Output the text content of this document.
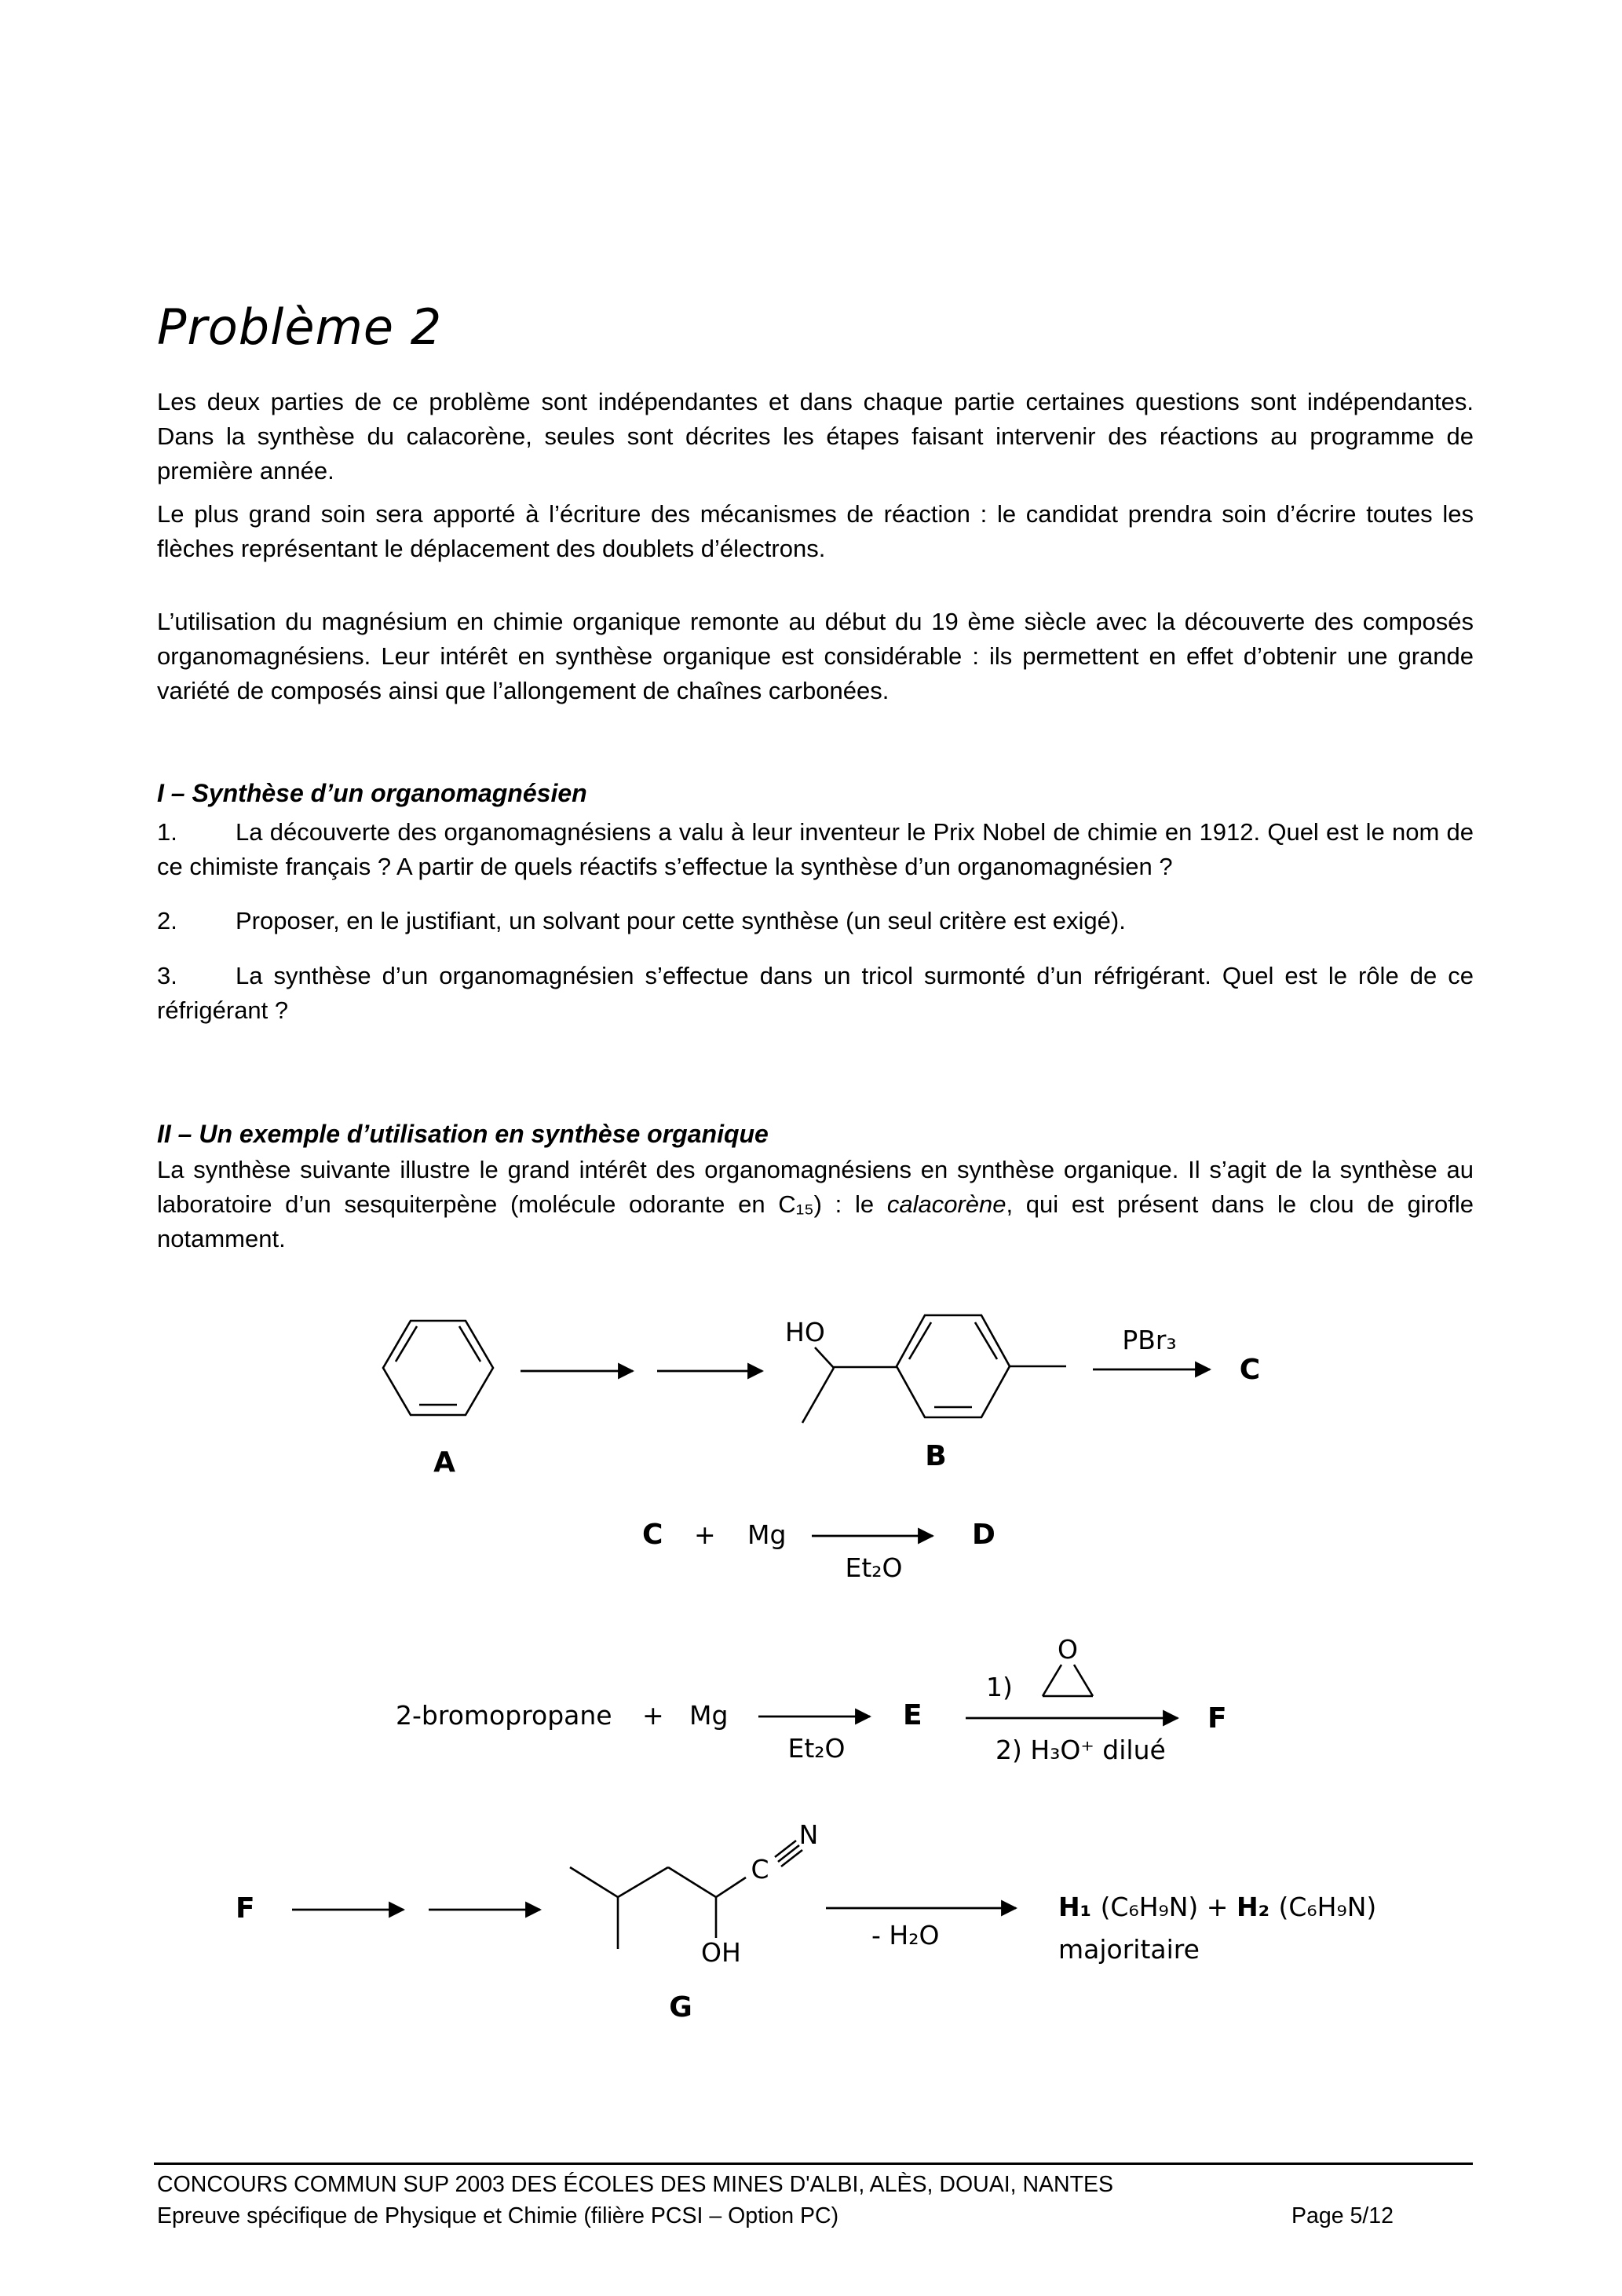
Problème 2

Les deux parties de ce problème sont indépendantes et dans chaque partie certaines questions sont indépendantes. Dans la synthèse du calacorène, seules sont décrites les étapes faisant intervenir des réactions au programme de première année.

Le plus grand soin sera apporté à l’écriture des mécanismes de réaction : le candidat prendra soin d’écrire toutes les flèches représentant le déplacement des doublets d’électrons.

L’utilisation du magnésium en chimie organique remonte au début du 19 ème siècle avec la découverte des composés organomagnésiens. Leur intérêt en synthèse organique est considérable : ils permettent en effet d’obtenir une grande variété de composés ainsi que l’allongement de chaînes carbonées.

I – Synthèse d’un organomagnésien

1. La découverte des organomagnésiens a valu à leur inventeur le Prix Nobel de chimie en 1912. Quel est le nom de ce chimiste français ? A partir de quels réactifs s’effectue la synthèse d’un organomagnésien ?

2. Proposer, en le justifiant, un solvant pour cette synthèse (un seul critère est exigé).

3. La synthèse d’un organomagnésien s’effectue dans un tricol surmonté d’un réfrigérant. Quel est le rôle de ce réfrigérant ?

II – Un exemple d’utilisation en synthèse organique

La synthèse suivante illustre le grand intérêt des organomagnésiens en synthèse organique. Il s’agit de la synthèse au laboratoire d’un sesquiterpène (molécule odorante en C₁₅) : le calacorène, qui est présent dans le clou de girofle notamment.

A
HO
B
PBr₃
C
C + Mg
Et₂O
D
2-bromopropane + Mg
Et₂O
E
1)
O
2) H₃O⁺ dilué
F
F
C
N
OH
G
- H₂O
H₁ (C₆H₉N) + H₂ (C₆H₉N)
majoritaire
CONCOURS COMMUN SUP 2003 DES ÉCOLES DES MINES D'ALBI, ALÈS, DOUAI, NANTES
Epreuve spécifique de Physique et Chimie (filière PCSI – Option PC)	Page 5/12
